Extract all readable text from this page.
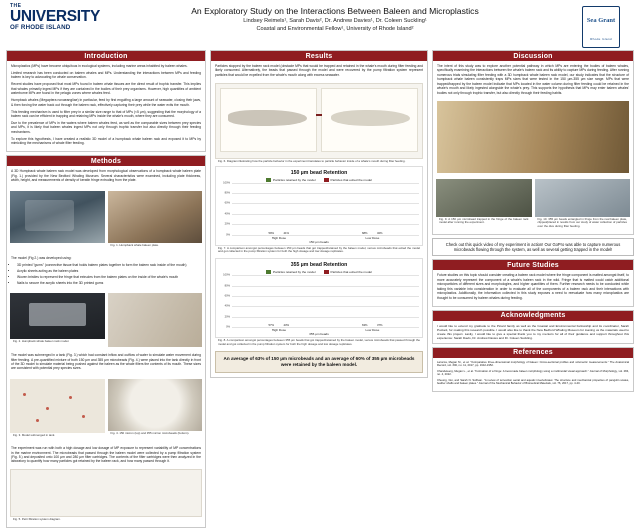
THE
UNIVERSITY
OF RHODE ISLAND
An Exploratory Study on the Interactions Between Baleen and Microplastics
Lindsey Reimels¹, Sarah Davis², Dr. Andrew Davies¹, Dr. Coleen Suckling¹
Coastal and Environmental Fellow¹, University of Rhode Island²
Sea Grant
Rhode Island
Introduction

Microplastics (MPs) have become ubiquitous in ecological systems, including marine areas inhabited by baleen whales.

Limited research has been conducted on baleen whales and MPs. Understanding the interactions between MPs and feeding baleen is key to advocating for whale conservation.

Recent studies have proposed that most MPs found in baleen whale tissues are the direct result of trophic transfer. This implies that whales primarily ingest MPs if they are contained in the bodies of their prey organisms. However, high quantities of ambient waterborne MPs are found in the pelagic zones where whales feed.

Humpback whales (Megaptera novaeangliae) in particular, feed by first engulfing a large amount of seawater, closing their jaws, & then forcing the water back out through the baleen rack, effectively capturing their prey while the water exits the mouth.

This feeding mechanism is used to filter prey in a similar size range to that of MPs (<5 µm), suggesting that the morphology of a baleen rack can be efficient in trapping and retaining MPs inside the whale's mouth, where they are consumed.

Due to the prevalence of MPs in the waters where baleen whales feed, as well as the comparable sizes between prey species and MPs, it is likely that baleen whales ingest MPs not only through trophic transfer but also directly through their feeding mechanisms.

To explore this hypothesis, I have created a realistic 3D model of a humpback whale baleen rack and exposed it to MPs by mimicking the mechanisms of whale filter feeding.

Methods

A 3D Humpback whale baleen rack model was developed from morphological observations of a humpback whale baleen plate (Fig. 1.) provided by the New Bedford Whaling Museum. Several characteristics were examined, including plate thickness, width, height, and measurements of density of keratin fringe extruding from the plate.

Fig. 1. Humpback whale baleen plate.

The model (Fig 2.) was developed using:

• 3D printed "gums" (connective tissue that holds baleen plates together to form the baleen rack inside of the mouth)
• Acrylic sheets acting as the baleen plates
• Woven bristles to represent the fringe that extrudes from the baleen plates on the inside of the whale's mouth
• Nails to secure the acrylic sheets into the 3D printed gums
Fig. 2. Humpback whale baleen rack model.

The model was submerged in a tank (Fig. 3.) which had constant inflow and outflow of water to simulate water movement during filter feeding. A pre-quantified mixture of both 150 µm and 355 µm microbeads (Fig. 4.) were placed into the tank directly in front of the 3D model to simulate material being pushed against the baleen as the whale filters the contents of its mouth. These sizes are consistent with potential prey species sizes.

Fig. 3. Model submerged in tank.	Fig. 4. 150 micron (top) and 355 micron microbeads (bottom).

The experiment was run with both a high dosage and low dosage of MP exposure to represent variability of MP concentrations in the marine environment. The microbeads that passed through the baleen model were collected by a pump filtration system (Fig. 5.) and deposited onto 100 µm and 280 µm filter cartridges. The contents of the filter cartridges were then analyzed in the laboratory to quantify how many particles got retained by the baleen rack, and how many passed through it.

Fig. 5. Petri filtration system diagram.
Results

Particles stopped by the baleen rack model (obstacle MPs that would be trapped and retained in the whale's mouth during filter feeding and likely consumed. Alternatively, the beads that passed through the model and were recovered by the pump filtration system represent particles that would be expelled from the whale's mouth along with excess seawater.

Fig. 6. Diagram illustrating how the particle behavior in the experiment translates to particle behavior inside of a whale's mouth during filter feeding.
150 µm bead Retention
Particles retained by the model	Particles that exited the model
100%
80%
60%
40%
20%
0%	59%	41%	68%	32%
High Dose	Low Dose
150 µm beads
Fig. 7. A comparison amongst percentages between 150 µm beads that got trapped/retained by the baleen model, versus microbeads that exited the model and got collected in the pump filtration system for both the high dosage and low dosage replicates.
355 µm bead Retention
Particles retained by the model	Particles that exited the model
100%
80%
60%
40%
20%
0%	57%	43%	63%	37%
High Dose	Low Dose
355 µm beads
Fig. 8. A comparison amongst percentages between 355 µm beads that got trapped/retained by the baleen model, versus microbeads that passed through the model and got collected in the pump filtration system for both the high dosage and low dosage replicates.
An average of 63% of 150 µm microbeads and an average of 60% of 355 µm microbeads were retained by the baleen model.
Discussion

The intent of this study was to explore another potential pathway in which MPs are entering the bodies of baleen whales, specifically examining the interactions between the whale's baleen rack and its ability to capture MPs during feeding. After running numerous trials simulating filter feeding with a 3D humpback whale baleen rack model, our study indicates that the structure of humpback whale baleen consistently traps MPs sizes that were tested in the 150 µm-355 µm size range. MPs that were trapped/trapped by the baleen model indicate that MPs located in the water column during filter feeding could be retained in the whale's mouth and likely ingested alongside the whale's prey. This supports the hypothesis that MPs may enter baleen whales' bodies not only through trophic transfer, but also directly through their feeding habits.

Fig. 9. A 150 µm microbead trapped in the fringe of the baleen rack model after running the experiment.
Fig. 10. 355 µm beads entangled in fringe from the real baleen plate, clipped/placed in results from our study of water collection of particles over the dive during filter feeding.
Check out this quick video of my experiment in action! Our GoPro was able to capture numerous microbeads flowing through the system, as well as several getting trapped in the model!
Future Studies

Future studies on this topic should consider creating a baleen rack model where the fringe component is matted amongst itself, to more accurately represent the component of a whale's baleen rack in the wild. Fringe that is matted could catch additional microparticles of different sizes and morphologies, and higher quantities of them. Further research needs to be conducted while taking this variable into consideration in order to evaluate all of the components of a baleen rack and their interactions with microplastics. Additionally, the information collected in this study exposes a need to reevaluate how many microplastics are thought to be consumed by baleen whales during feeding.

Acknowledgments
I would like to extend my gratitude to the Picard family as well as the Coastal and Environmental Fellowship and its coordinator, Sarah Puckett, for making this research possible. I would also like to thank the New Bedford Whaling Museum for loaning us the materials used to create this project. Lastly, I would like to give a special thank you to my mentors for all of their guidance and support throughout this experience: Sarah Davis, Dr. Andrew Davies and Dr. Coleen Suckling.
References

Larocca, Megan M., et al. "Comparative three-dimensional morphology of baleen: Cross-sectional profiles and volumetric measurements." The Anatomical Record, vol. 300, no. 11, 2017, pp. 1942-1952.

Chandeleerg, Megan L., et al. "Formation of a fringe: A best-made baleen morphology using a multimodal visual approach." Journal of Morphology, vol. 284, no. 4, 2022.

Cheung, Gio, and Sarah N. Sullivan. "A review of terrestrial, aerial and aquatic invertebrates: The structure and mechanical properties of pangolin scales, feather shafts and baleen plates." Journal of the Mechanical Behavior of Biomedical Materials, vol. 76, 2017, pp. 4-20.
